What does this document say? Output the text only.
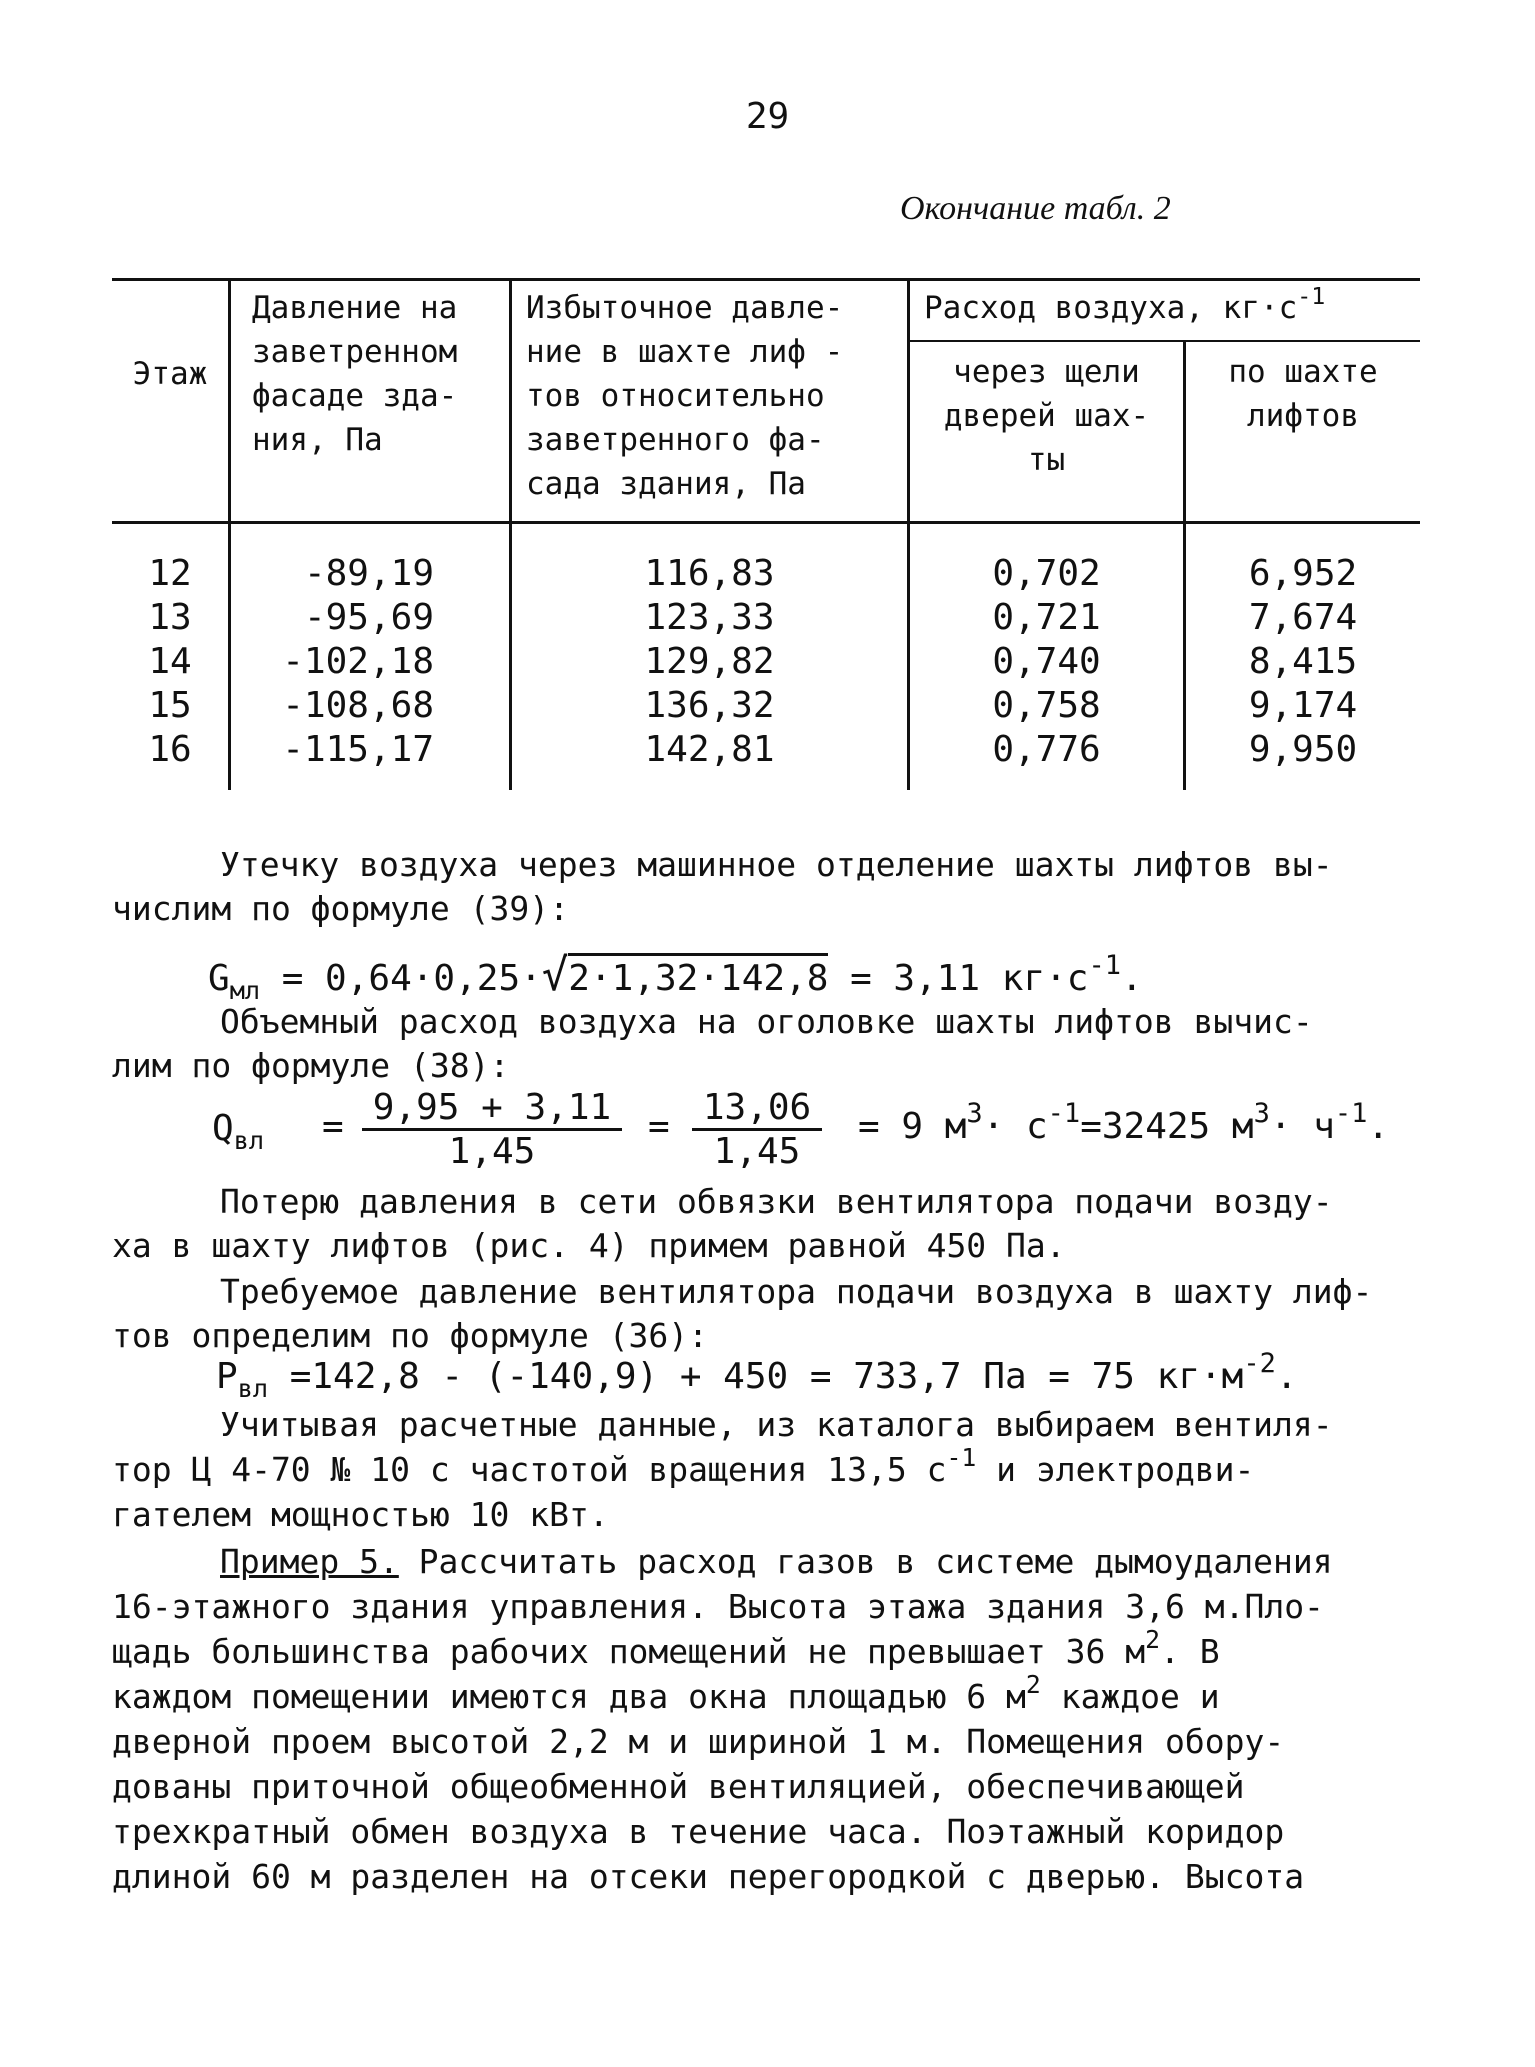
29
Окончание табл. 2
Этаж
Давление на
заветренном
фасаде зда-
ния, Па
Избыточное давле-
ние в шахте лиф -
тов относительно
заветренного фа-
сада здания, Па
Расход воздуха, $кг\cdot с^{-1}$
через щели
дверей шах-
ты
по шахте
лифтов
12
13
14
15
16
-89,19
-95,69
-102,18
-108,68
-115,17
116,83
123,33
129,82
136,32
142,81
0,702
0,721
0,740
0,758
0,776
6,952
7,674
8,415
9,174
9,950
Утечку воздуха через машинное отделение шахты лифтов вы-
числим по формуле (39):
$G_{мл} = 0,64\cdot 0,25\cdot√2\cdot 1,32\cdot 142,8 = 3,11$ $кг\cdot с^{-1}$.
Объемный расход воздуха на оголовке шахты лифтов вычис-
лим по формуле (38):
$Q_{вл} = 9,95 + 3,11$
1,45
= 13,06
1,45
= 9 $м^3\cdot с^{-1}=32425$ $м^3\cdot ч^{-1}$.
Потерю давления в сети обвязки вентилятора подачи возду-
ха в шахту лифтов (рис. 4) примем равной 450 Па.
Требуемое давление вентилятора подачи воздуха в шахту лиф-
тов определим по формуле (36):
$P_{вл} =142,8 - (-140,9) + 450 = 733,7$ Па = 75 $кг\cdot м^{-2}$.
Учитывая расчетные данные, из каталога выбираем вентиля-
тор Ц 4-70 № 10 с частотой вращения 13,5 $с^{-1}$ и электродви-
гателем мощностью 10 кВт.
Пример 5. Рассчитать расход газов в системе дымоудаления
16-этажного здания управления. Высота этажа здания 3,6 м.Пло-
щадь большинства рабочих помещений не превышает 36 $м^2$. В
каждом помещении имеются два окна площадью 6 $м^2$ каждое и
дверной проем высотой 2,2 м и шириной 1 м. Помещения обору-
дованы приточной общеобменной вентиляцией, обеспечивающей
трехкратный обмен воздуха в течение часа. Поэтажный коридор
длиной 60 м разделен на отсеки перегородкой с дверью. Высота
